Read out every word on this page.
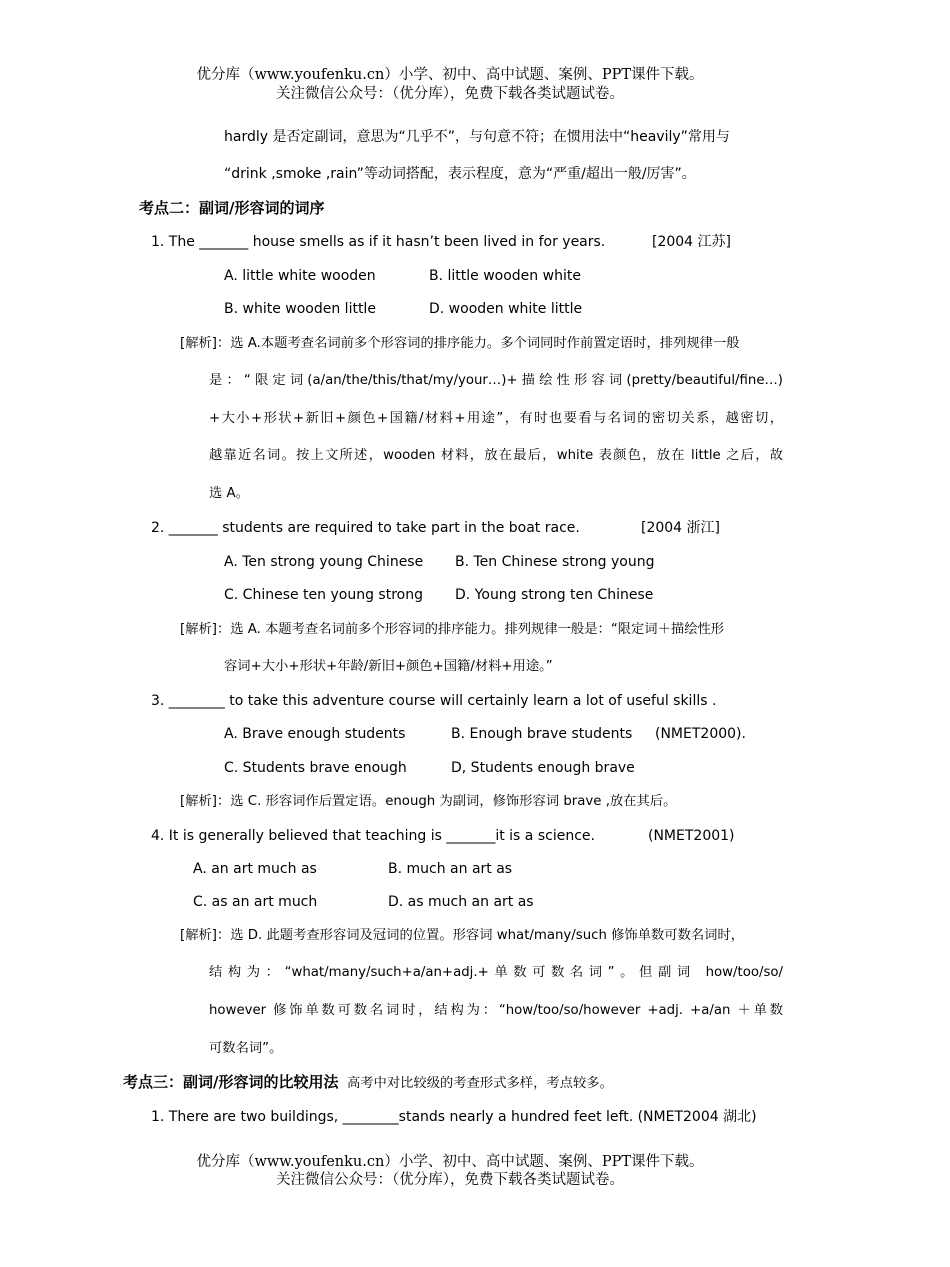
优分库（www.youfenku.cn）小学、初中、高中试题、案例、PPT课件下载。
关注微信公众号：（优分库），免费下载各类试题试卷。
hardly 是否定副词，意思为“几乎不”，与句意不符；在惯用法中“heavily”常用与
“drink ,smoke ,rain”等动词搭配，表示程度，意为“严重/超出一般/厉害”。
考点二：副词/形容词的词序
1. The _______ house smells as if it hasn’t been lived in for years.	[2004 江苏]
A. little white wooden	B. little wooden white
B. white wooden little	D. wooden white little
[解析]：选 A.本题考查名词前多个形容词的排序能力。多个词同时作前置定语时，排列规律一般
是：“限定词(a/an/the/this/that/my/your…)+描绘性形容词(pretty/beautiful/fine…)
+大小+形状+新旧+颜色+国籍/材料+用途”，有时也要看与名词的密切关系，越密切，
越靠近名词。按上文所述，wooden 材料，放在最后，white 表颜色，放在 little 之后，故
选 A。
2. _______ students are required to take part in the boat race.	[2004 浙江]
A. Ten strong young Chinese B. Ten Chinese strong young
C. Chinese ten young strong D. Young strong ten Chinese
[解析]：选 A. 本题考查名词前多个形容词的排序能力。排列规律一般是：“限定词＋描绘性形
容词+大小+形状+年龄/新旧+颜色+国籍/材料+用途。”
3. ________ to take this adventure course will certainly learn a lot of useful skills .
A. Brave enough students	B. Enough brave students (NMET2000).
C. Students brave enough	D, Students enough brave
[解析]：选 C. 形容词作后置定语。enough 为副词，修饰形容词 brave ,放在其后。
4. It is generally believed that teaching is _______it is a science.	(NMET2001)
A. an art much as	B. much an art as
C. as an art much	D. as much an art as
[解析]：选 D. 此题考查形容词及冠词的位置。形容词 what/many/such 修饰单数可数名词时，
结构为：“what/many/such+a/an+adj.+单数可数名词”。但副词 how/too/so/
however 修饰单数可数名词时，结构为：“how/too/so/however +adj. +a/an ＋单数
可数名词”。
考点三：副词/形容词的比较用法 高考中对比较级的考查形式多样，考点较多。
1. There are two buildings, ________stands nearly a hundred feet left. (NMET2004 湖北)
优分库（www.youfenku.cn）小学、初中、高中试题、案例、PPT课件下载。
关注微信公众号：（优分库），免费下载各类试题试卷。
